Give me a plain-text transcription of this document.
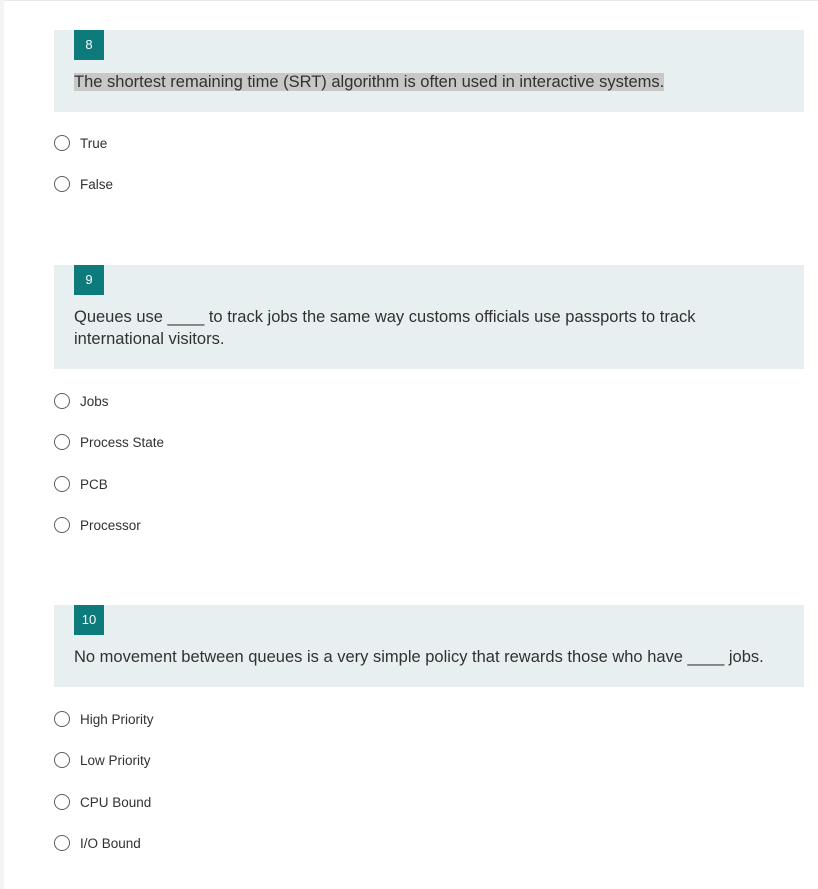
8
The shortest remaining time (SRT) algorithm is often used in interactive systems.
True
False
9
Queues use ____ to track jobs the same way customs officials use passports to track international visitors.
Jobs
Process State
PCB
Processor
10
No movement between queues is a very simple policy that rewards those who have ____ jobs.
High Priority
Low Priority
CPU Bound
I/O Bound
